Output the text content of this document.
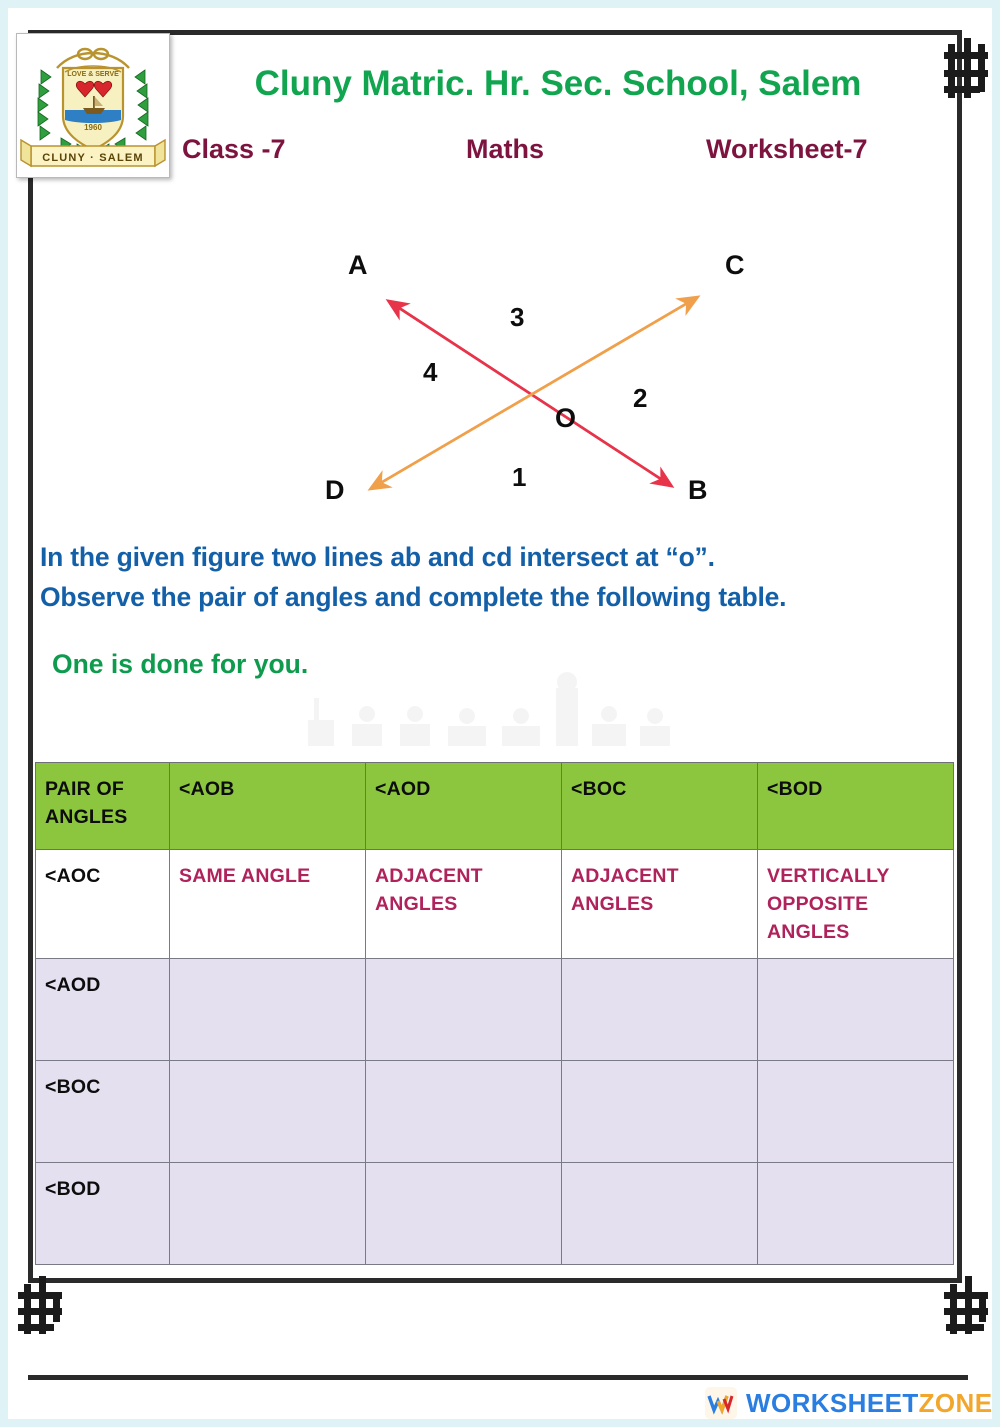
LOVE & SERVE
1960
CLUNY · SALEM
Cluny Matric. Hr. Sec. School, Salem
Class -7	Maths	Worksheet-7
A	C
D	B
O
1
2
3
4
In the given figure two lines ab and cd intersect at “o”.
Observe the pair of angles and complete the following table.
One is done for you.
PAIR OF ANGLES	<AOB	<AOD	<BOC	<BOD
<AOC	SAME ANGLE	ADJACENT ANGLES	ADJACENT ANGLES	VERTICALLY OPPOSITE ANGLES
<AOD				
<BOC				
<BOD				
WORKSHEETZONE
